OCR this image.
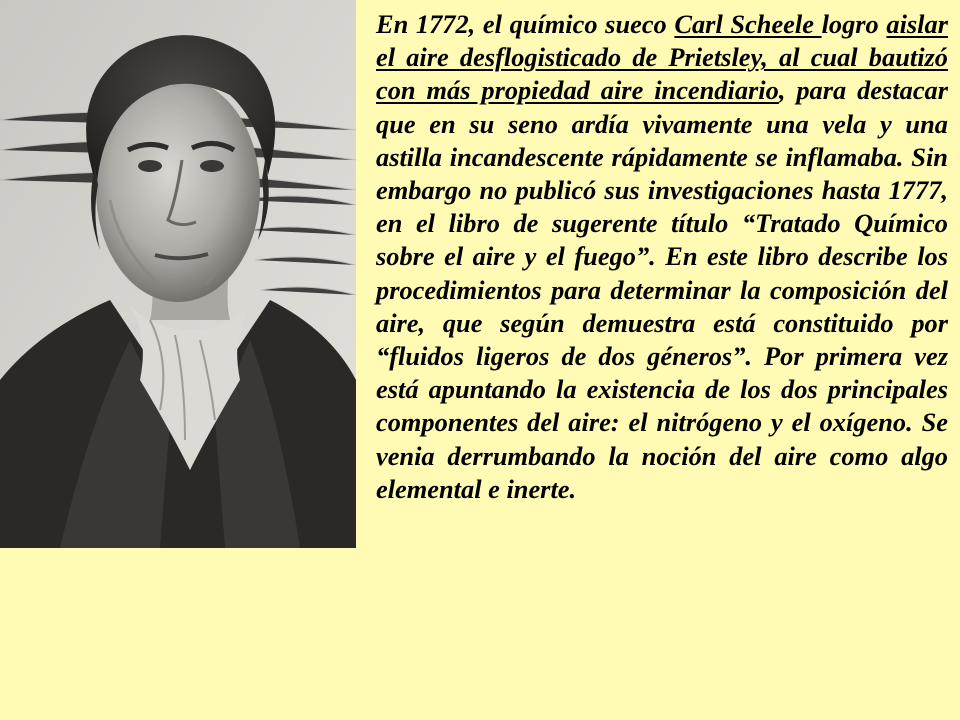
En 1772, el químico sueco Carl Scheele logro aislar el aire desflogisticado de Prietsley, al cual bautizó con más propiedad aire incendiario, para destacar que en su seno ardía vivamente una vela y una astilla incandescente rápidamente se inflamaba. Sin embargo no publicó sus investigaciones hasta 1777, en el libro de sugerente título “Tratado Químico sobre el aire y el fuego”. En este libro describe los procedimientos para determinar la composición del aire, que según demuestra está constituido por “fluidos ligeros de dos géneros”. Por primera vez está apuntando la existencia de los dos principales componentes del aire: el nitrógeno y el oxígeno. Se venia derrumbando la noción del aire como algo elemental e inerte.
